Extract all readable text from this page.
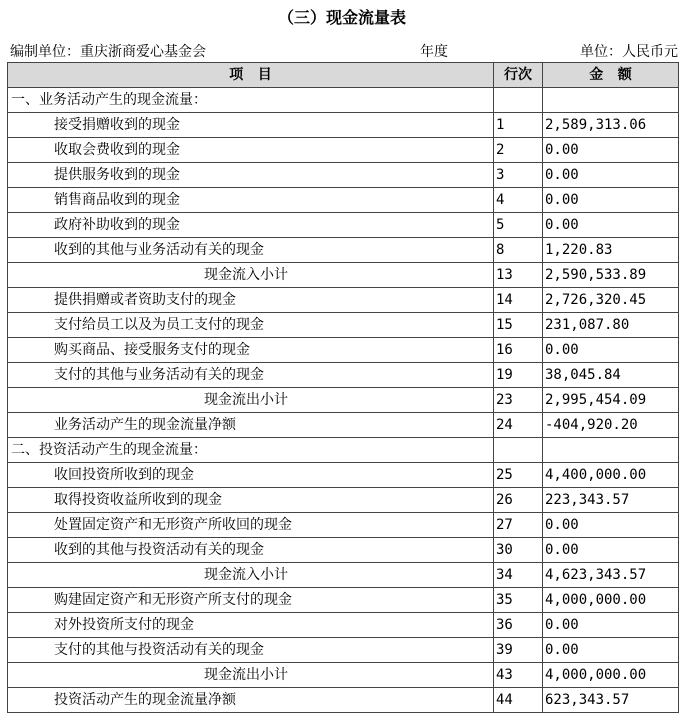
（三）现金流量表
编制单位：重庆浙商爱心基金会	年度	单位：人民币元
项   目	行次	金   额
一、业务活动产生的现金流量：		
接受捐赠收到的现金	1	2,589,313.06
收取会费收到的现金	2	0.00
提供服务收到的现金	3	0.00
销售商品收到的现金	4	0.00
政府补助收到的现金	5	0.00
收到的其他与业务活动有关的现金	8	1,220.83
现金流入小计	13	2,590,533.89
提供捐赠或者资助支付的现金	14	2,726,320.45
支付给员工以及为员工支付的现金	15	231,087.80
购买商品、接受服务支付的现金	16	0.00
支付的其他与业务活动有关的现金	19	38,045.84
现金流出小计	23	2,995,454.09
业务活动产生的现金流量净额	24	-404,920.20
二、投资活动产生的现金流量：		
收回投资所收到的现金	25	4,400,000.00
取得投资收益所收到的现金	26	223,343.57
处置固定资产和无形资产所收回的现金	27	0.00
收到的其他与投资活动有关的现金	30	0.00
现金流入小计	34	4,623,343.57
购建固定资产和无形资产所支付的现金	35	4,000,000.00
对外投资所支付的现金	36	0.00
支付的其他与投资活动有关的现金	39	0.00
现金流出小计	43	4,000,000.00
投资活动产生的现金流量净额	44	623,343.57
